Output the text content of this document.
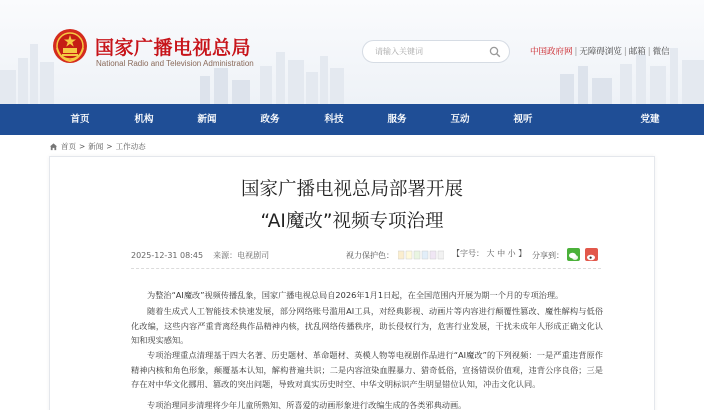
国家广播电视总局
National Radio and Television Administration
请输入关键词
中国政府网 | 无障碍浏览 | 邮箱 | 微信
首页	机构	新闻	政务	科技	服务	互动	视听	党建
首页 > 新闻 > 工作动态
国家广播电视总局部署开展
“AI魔改”视频专项治理
2025-12-31 08:45 来源：电视剧司	视力保护色：	【字号： 大 中 小 】 分享到：
为整治“AI魔改”视频传播乱象，国家广播电视总局自2026年1月1日起，在全国范围内开展为期一个月的专项治理。
随着生成式人工智能技术快速发展，部分网络账号滥用AI工具，对经典影视、动画片等内容进行颠覆性篡改、魔性解构与低俗化改编，这些内容严重背离经典作品精神内核，扰乱网络传播秩序，助长侵权行为，危害行业发展，干扰未成年人形成正确文化认知和现实感知。
专项治理重点清理基于四大名著、历史题材、革命题材、英模人物等电视剧作品进行“AI魔改”的下列视频：一是严重违背原作精神内核和角色形象，颠覆基本认知，解构普遍共识；二是内容渲染血腥暴力、猎奇低俗，宣扬错误价值观，违背公序良俗；三是存在对中华文化挪用、篡改的突出问题，导致对真实历史时空、中华文明标识产生明显错位认知，冲击文化认同。
专项治理同步清理将少年儿童所熟知、所喜爱的动画形象进行改编生成的各类邪典动画。
